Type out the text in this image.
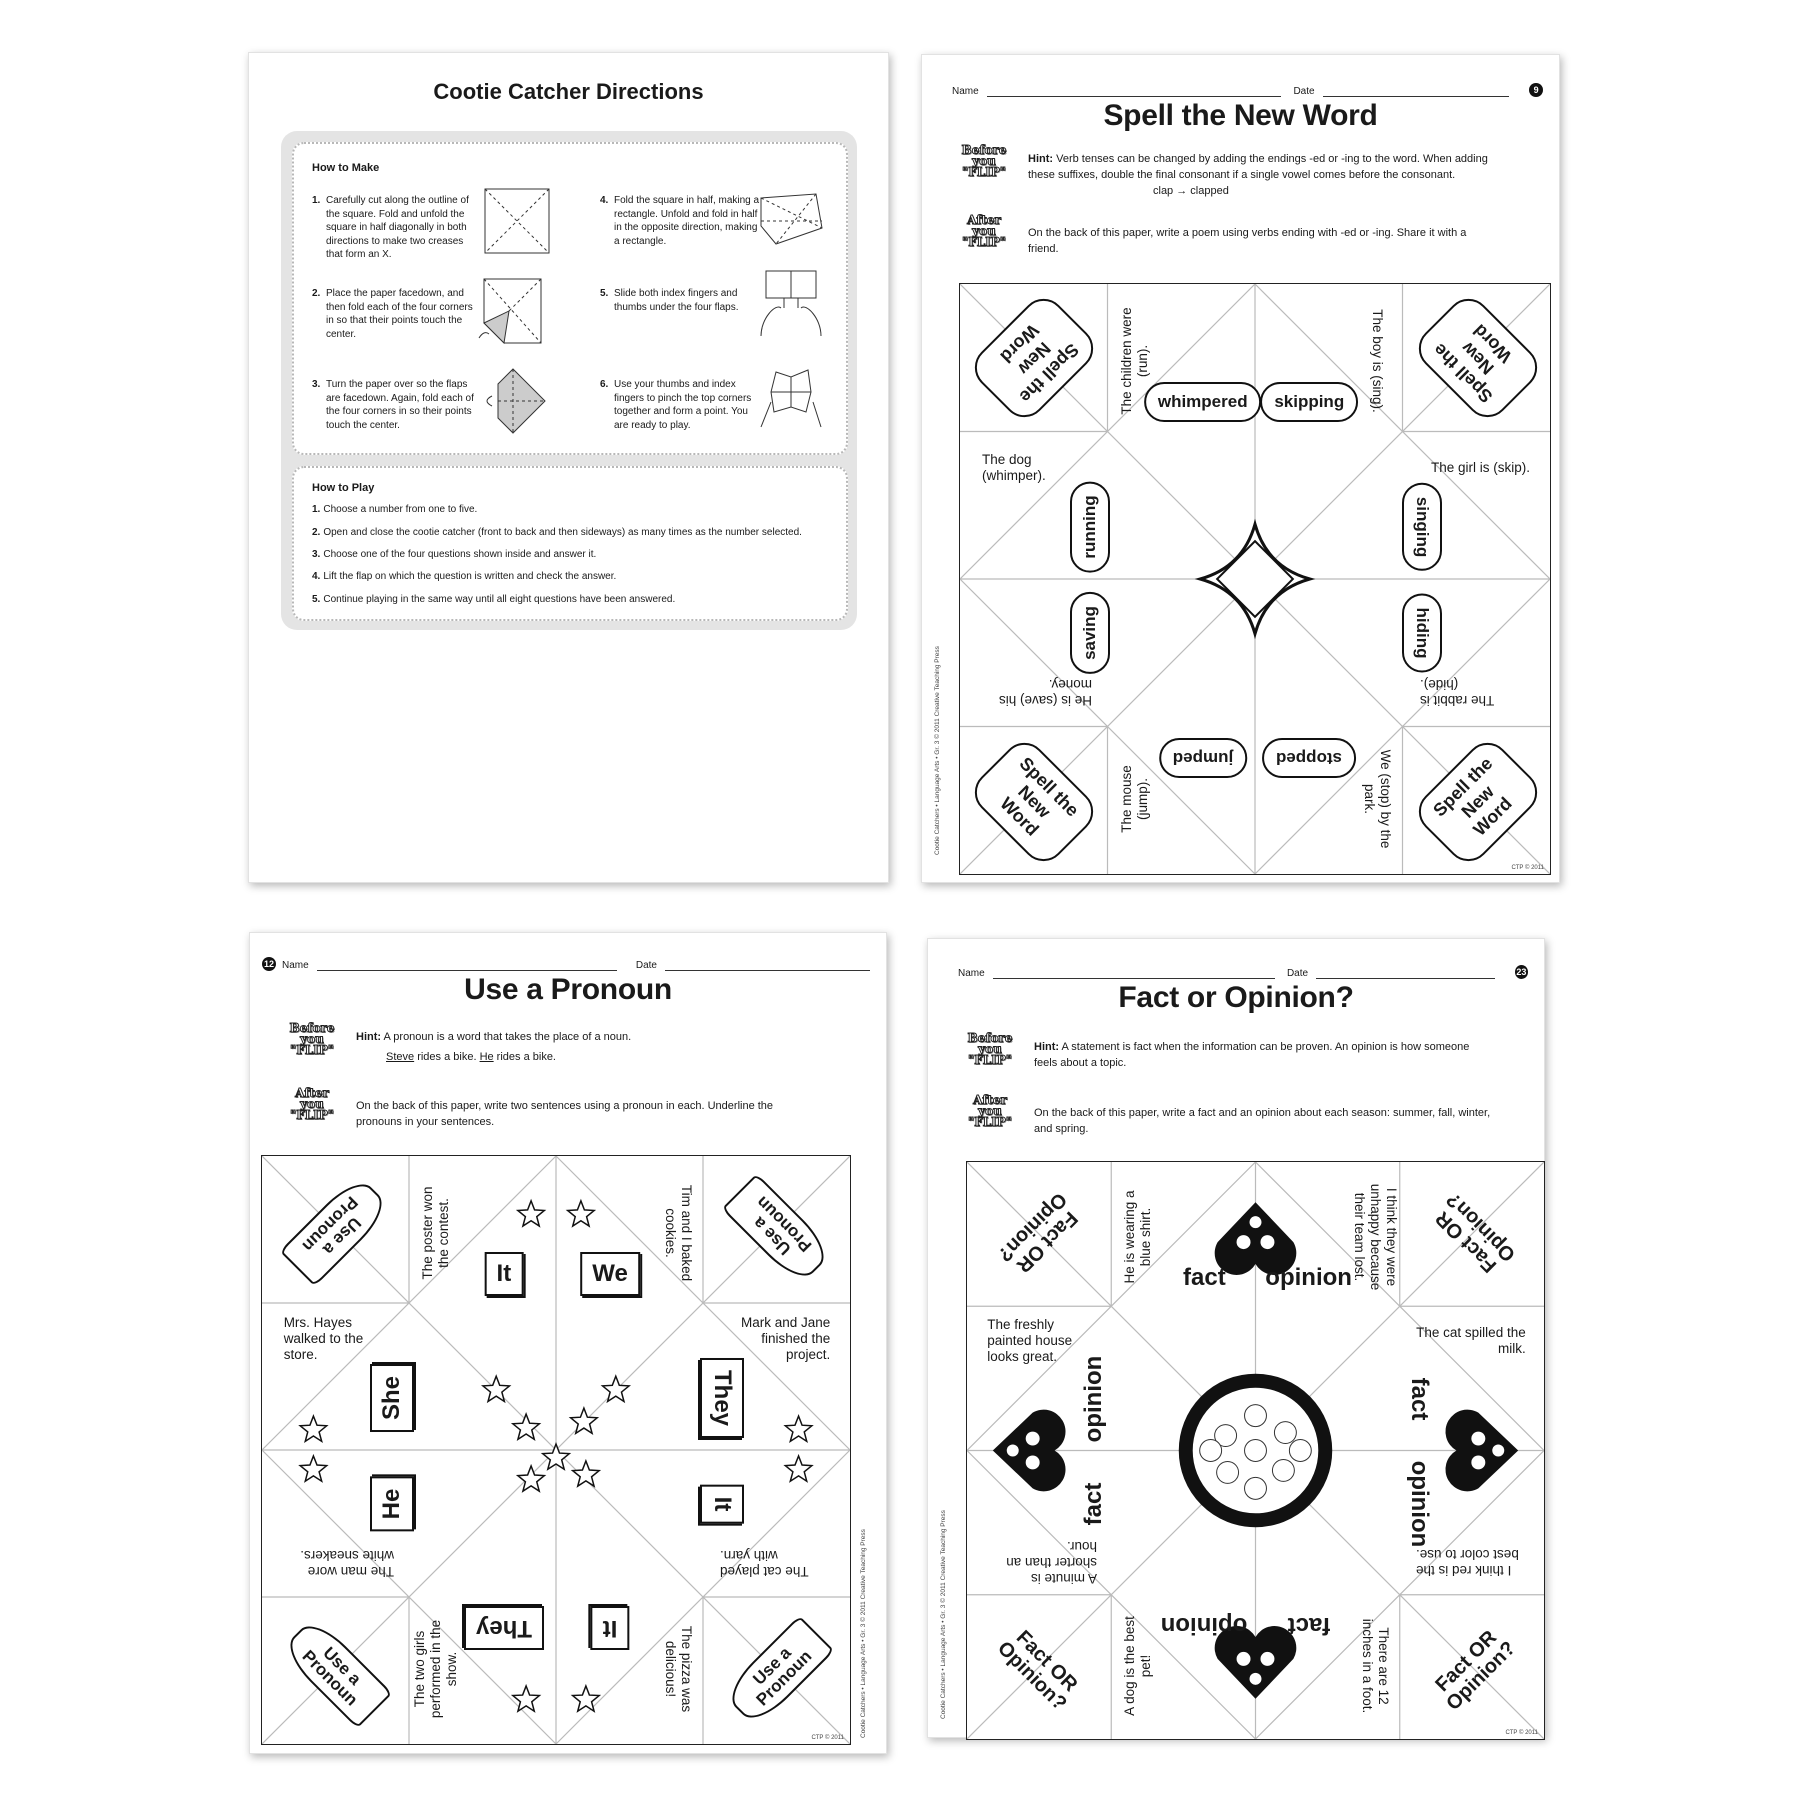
Cootie Catcher Directions
How to Make
1. Carefully cut along the outline of the square. Fold and unfold the square in half diagonally in both directions to make two creases that form an X.
2. Place the paper facedown, and then fold each of the four corners in so that their points touch the center.
3. Turn the paper over so the flaps are facedown. Again, fold each of the four corners in so their points touch the center.
4. Fold the square in half, making a rectangle. Unfold and fold in half in the opposite direction, making a rectangle.
5. Slide both index fingers and thumbs under the four flaps.
6. Use your thumbs and index fingers to pinch the top corners together and form a point. You are ready to play.
How to Play
1. Choose a number from one to five.
2. Open and close the cootie catcher (front to back and then sideways) as many times as the number selected.
3. Choose one of the four questions shown inside and answer it.
4. Lift the flap on which the question is written and check the answer.
5. Continue playing in the same way until all eight questions have been answered.
Name	Date	9
Spell the New Word
Before you "FLIP"
Hint: Verb tenses can be changed by adding the endings -ed or -ing to the word. When adding these suffixes, double the final consonant if a single vowel comes before the consonant.
clap → clapped
After you "FLIP"
On the back of this paper, write a poem using verbs ending with -ed or -ing. Share it with a friend.
Cootie Catchers • Language Arts • Gr. 3 © 2011 Creative Teaching Press
Spell the New Word	Spell the New Word
Spell the New Word	Spell the New Word
The children were (run).	The boy is (sing).
The dog (whimper).
The girl is (skip).
He is (save) his money.
The rabbit is (hide).
The mouse (jump).	We (stop) by the park.
running	singing
whimpered	skipping
saving	hiding
jumped	stopped
CTP © 2011
12 Name	Date
Use a Pronoun
Before you "FLIP"
Hint: A pronoun is a word that takes the place of a noun.
Steve rides a bike. He rides a bike.
After you "FLIP"
On the back of this paper, write two sentences using a pronoun in each. Underline the pronouns in your sentences.
Cootie Catchers • Language Arts • Gr. 3 © 2011 Creative Teaching Press
Use a Pronoun	Use a Pronoun
Use a Pronoun	Use a Pronoun
The poster won the contest.	Tim and I baked cookies.
Mrs. Hayes walked to the store.
Mark and Jane finished the project.
The man wore white sneakers.
The cat played with yarn.
The two girls performed in the show.	The pizza was delicious!
She	They
It	We
He	It
They	It
CTP © 2011
Name	Date	23
Fact or Opinion?
Before you "FLIP"
Hint: A statement is fact when the information can be proven. An opinion is how someone feels about a topic.
After you "FLIP"
On the back of this paper, write a fact and an opinion about each season: summer, fall, winter, and spring.
Cootie Catchers • Language Arts • Gr. 3 © 2011 Creative Teaching Press
Fact OR Opinion?	Fact OR Opinion?
Fact OR Opinion?	Fact OR Opinion?
He is wearing a blue shirt.	I think they were unhappy because their team lost.
The freshly painted house looks great.
The cat spilled the milk.
A minute is shorter than an hour.
I think red is the best color to use.
A dog is the best pet!	There are 12 inches in a foot.
opinion	fact
fact opinion
fact	opinion
opinion fact
CTP © 2011
